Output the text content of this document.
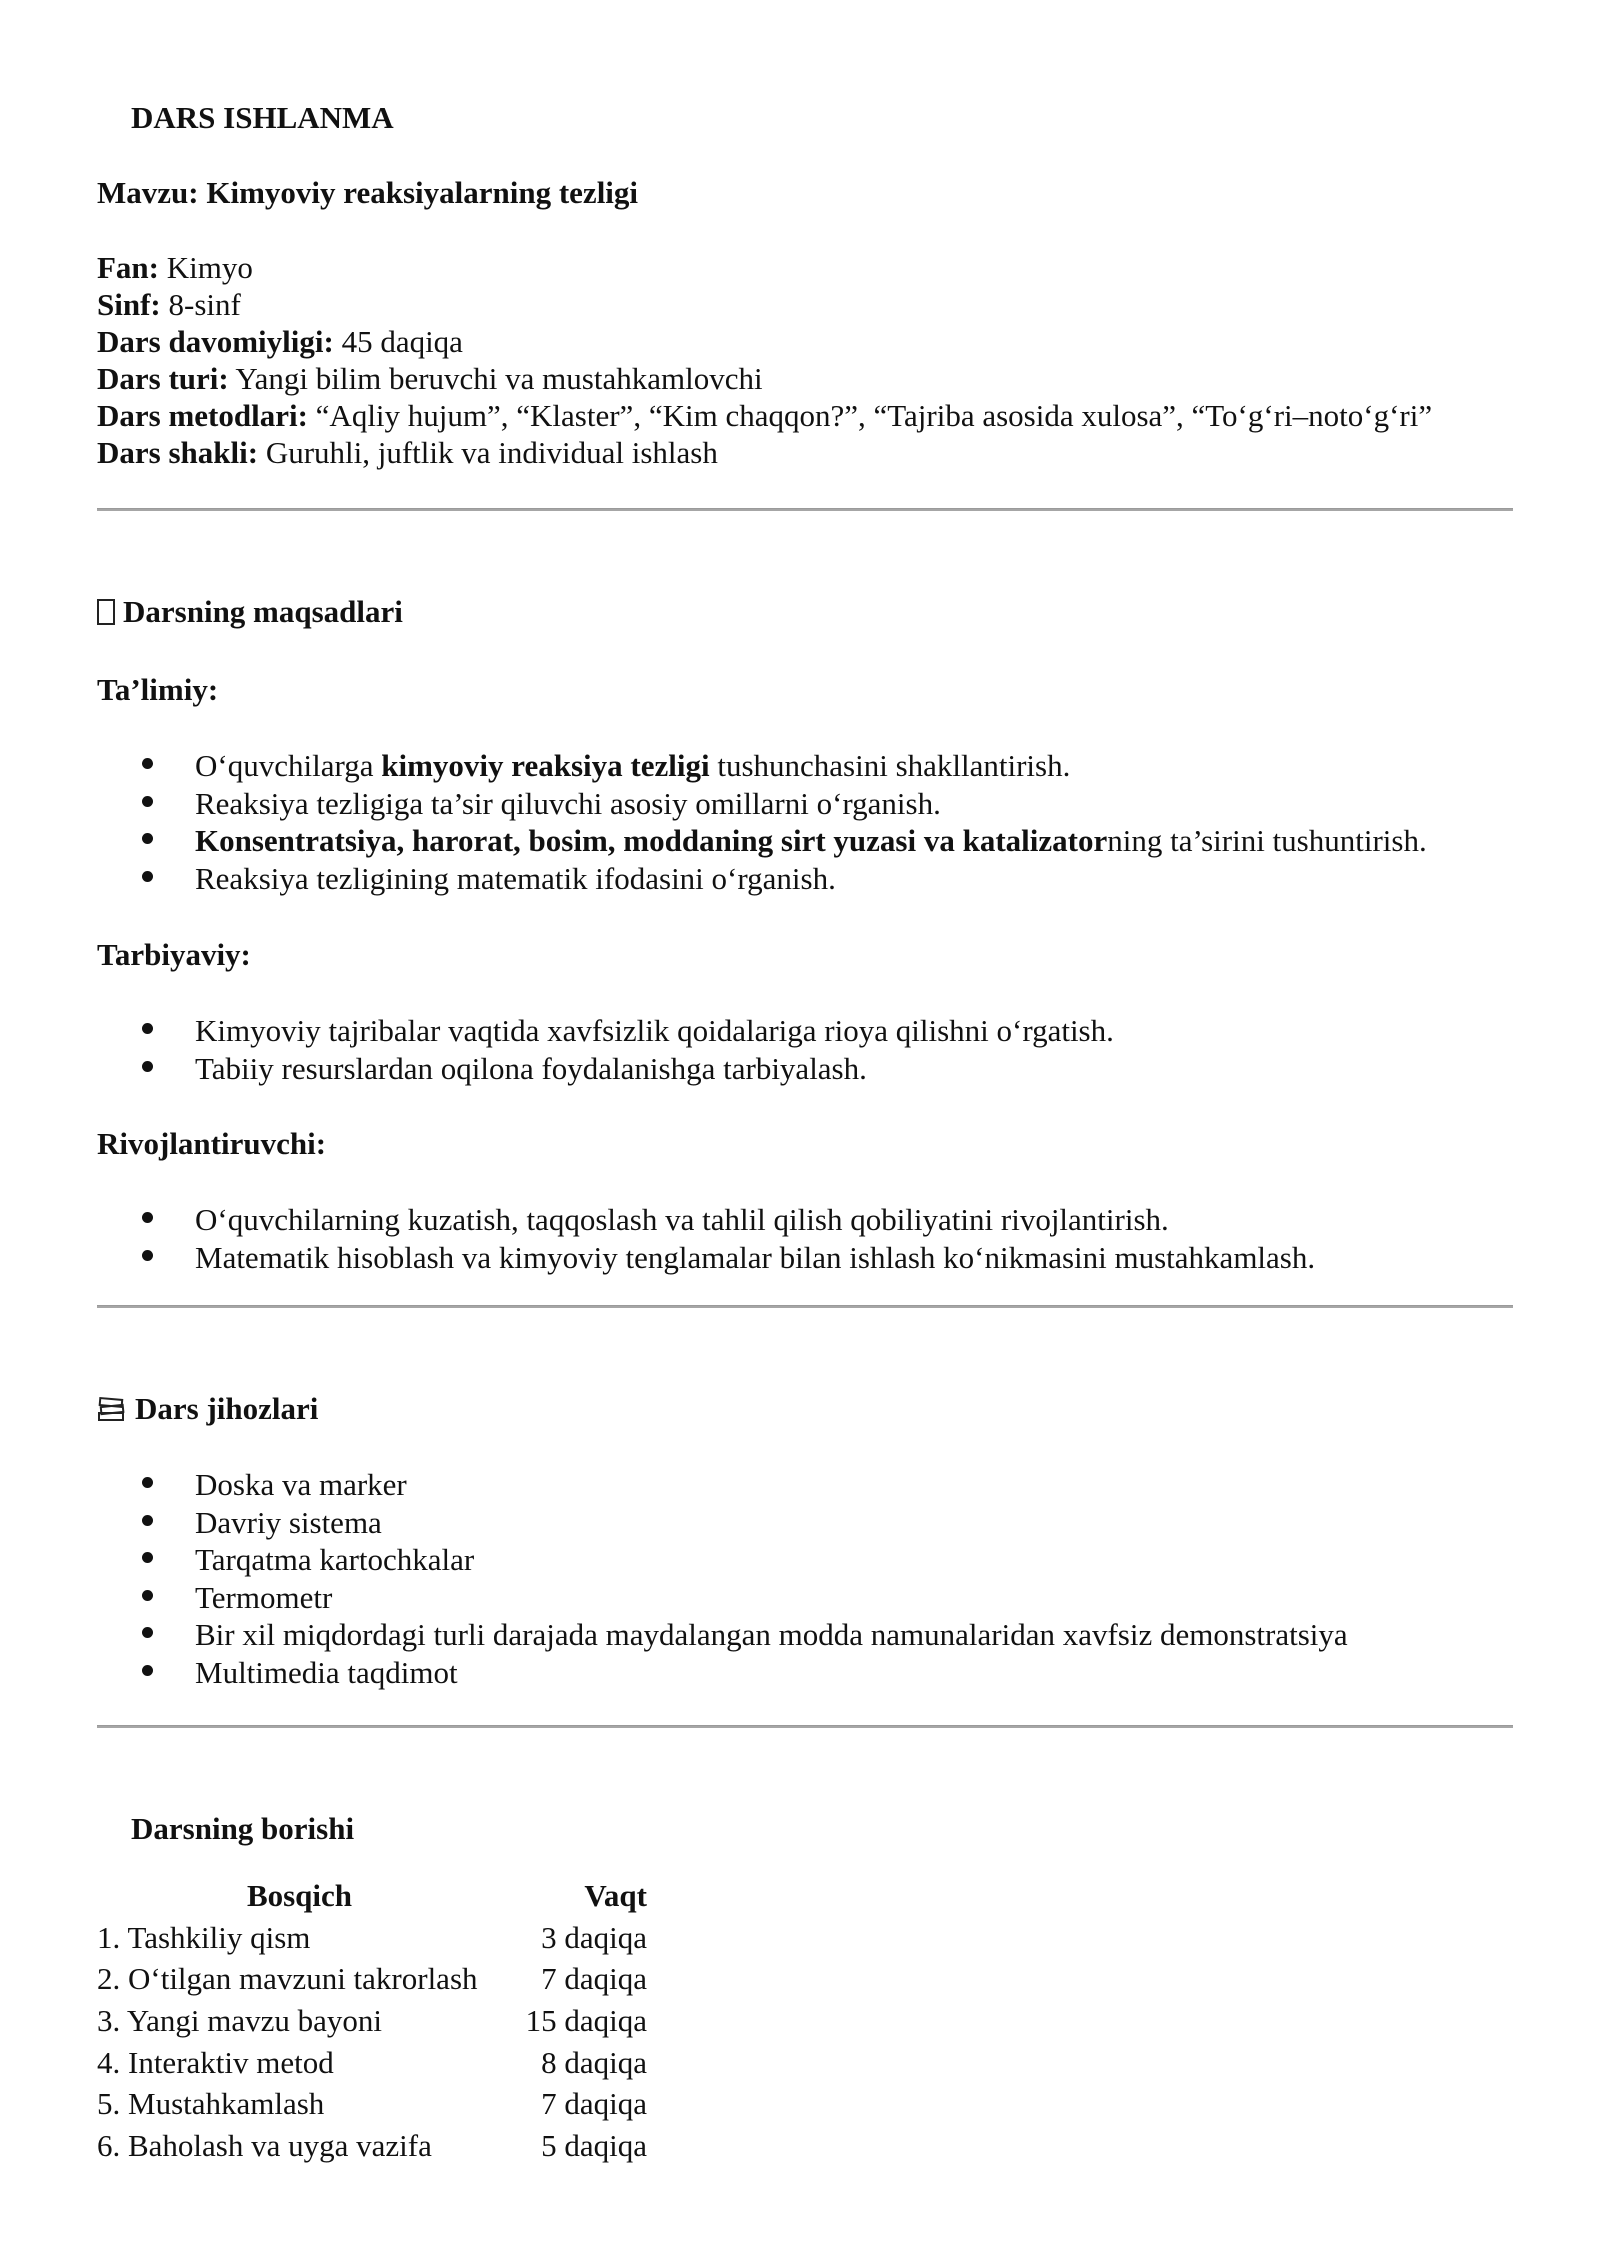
DARS ISHLANMA
Mavzu: Kimyoviy reaksiyalarning tezligi
Fan: Kimyo
Sinf: 8-sinf
Dars davomiyligi: 45 daqiqa
Dars turi: Yangi bilim beruvchi va mustahkamlovchi
Dars metodlari: “Aqliy hujum”, “Klaster”, “Kim chaqqon?”, “Tajriba asosida xulosa”, “To‘g‘ri–noto‘g‘ri”
Dars shakli: Guruhli, juftlik va individual ishlash
Darsning maqsadlari
Ta’limiy:
O‘quvchilarga kimyoviy reaksiya tezligi tushunchasini shakllantirish.
Reaksiya tezligiga ta’sir qiluvchi asosiy omillarni o‘rganish.
Konsentratsiya, harorat, bosim, moddaning sirt yuzasi va katalizatorning ta’sirini tushuntirish.
Reaksiya tezligining matematik ifodasini o‘rganish.
Tarbiyaviy:
Kimyoviy tajribalar vaqtida xavfsizlik qoidalariga rioya qilishni o‘rgatish.
Tabiiy resurslardan oqilona foydalanishga tarbiyalash.
Rivojlantiruvchi:
O‘quvchilarning kuzatish, taqqoslash va tahlil qilish qobiliyatini rivojlantirish.
Matematik hisoblash va kimyoviy tenglamalar bilan ishlash ko‘nikmasini mustahkamlash.
Dars jihozlari
Doska va marker
Davriy sistema
Tarqatma kartochkalar
Termometr
Bir xil miqdordagi turli darajada maydalangan modda namunalaridan xavfsiz demonstratsiya
Multimedia taqdimot
Darsning borishi
Bosqich	Vaqt
1. Tashkiliy qism	3 daqiqa
2. O‘tilgan mavzuni takrorlash	7 daqiqa
3. Yangi mavzu bayoni	15 daqiqa
4. Interaktiv metod	8 daqiqa
5. Mustahkamlash	7 daqiqa
6. Baholash va uyga vazifa	5 daqiqa
